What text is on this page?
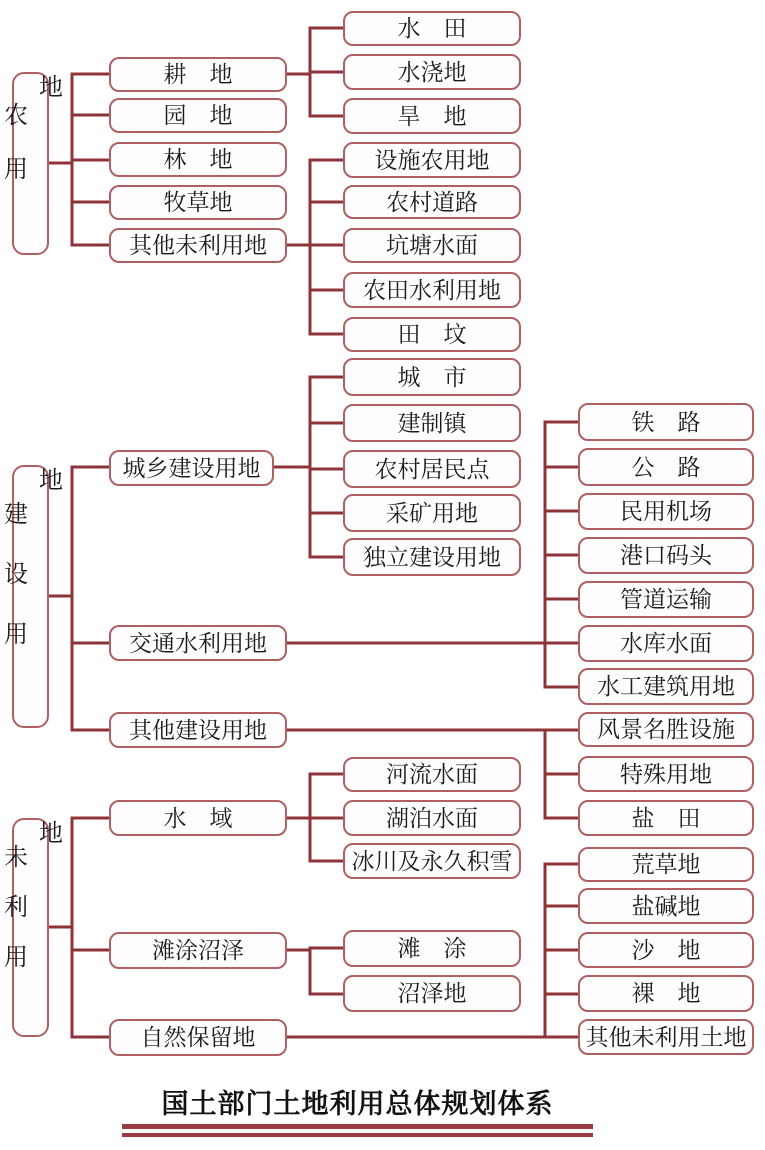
农用地
建设用地
未利用地
耕　地
园　地
林　地
牧草地
其他未利用地
城乡建设用地
交通水利用地
其他建设用地
水　域
滩涂沼泽
自然保留地
水　田
水浇地
旱　地
设施农用地
农村道路
坑塘水面
农田水利用地
田　坟
城　市
建制镇
农村居民点
采矿用地
独立建设用地
铁　路
公　路
民用机场
港口码头
管道运输
水库水面
水工建筑用地
风景名胜设施
特殊用地
盐　田
河流水面
湖泊水面
冰川及永久积雪
滩　涂
沼泽地
荒草地
盐碱地
沙　地
裸　地
其他未利用土地
国土部门土地利用总体规划体系
